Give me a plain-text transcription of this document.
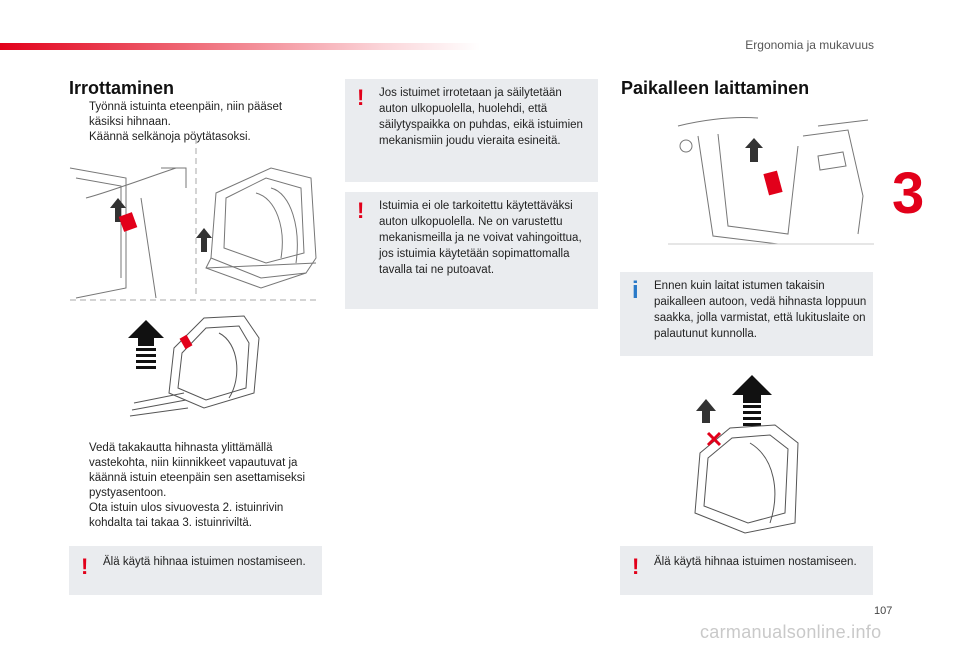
Ergonomia ja mukavuus
Irrottaminen
Työnnä istuinta eteenpäin, niin pääset käsiksi hihnaan.
Käännä selkänoja pöytätasoksi.
Vedä takakautta hihnasta ylittämällä vastekohta, niin kiinnikkeet vapautuvat ja käännä istuin eteenpäin sen asettamiseksi pystyasentoon.
Ota istuin ulos sivuovesta 2. istuinrivin kohdalta tai takaa 3. istuinriviltä.
! Älä käytä hihnaa istuimen nostamiseen.
! Jos istuimet irrotetaan ja säilytetään auton ulkopuolella, huolehdi, että säilytyspaikka on puhdas, eikä istuimien mekanismiin joudu vieraita esineitä.
! Istuimia ei ole tarkoitettu käytettäväksi auton ulkopuolella. Ne on varustettu mekanismeilla ja ne voivat vahingoittua, jos istuimia käytetään sopimattomalla tavalla tai ne putoavat.
Paikalleen laittaminen
i Ennen kuin laitat istumen takaisin paikalleen autoon, vedä hihnasta loppuun saakka, jolla varmistat, että lukituslaite on palautunut kunnolla.
! Älä käytä hihnaa istuimen nostamiseen.
3
107
carmanualsonline.info
